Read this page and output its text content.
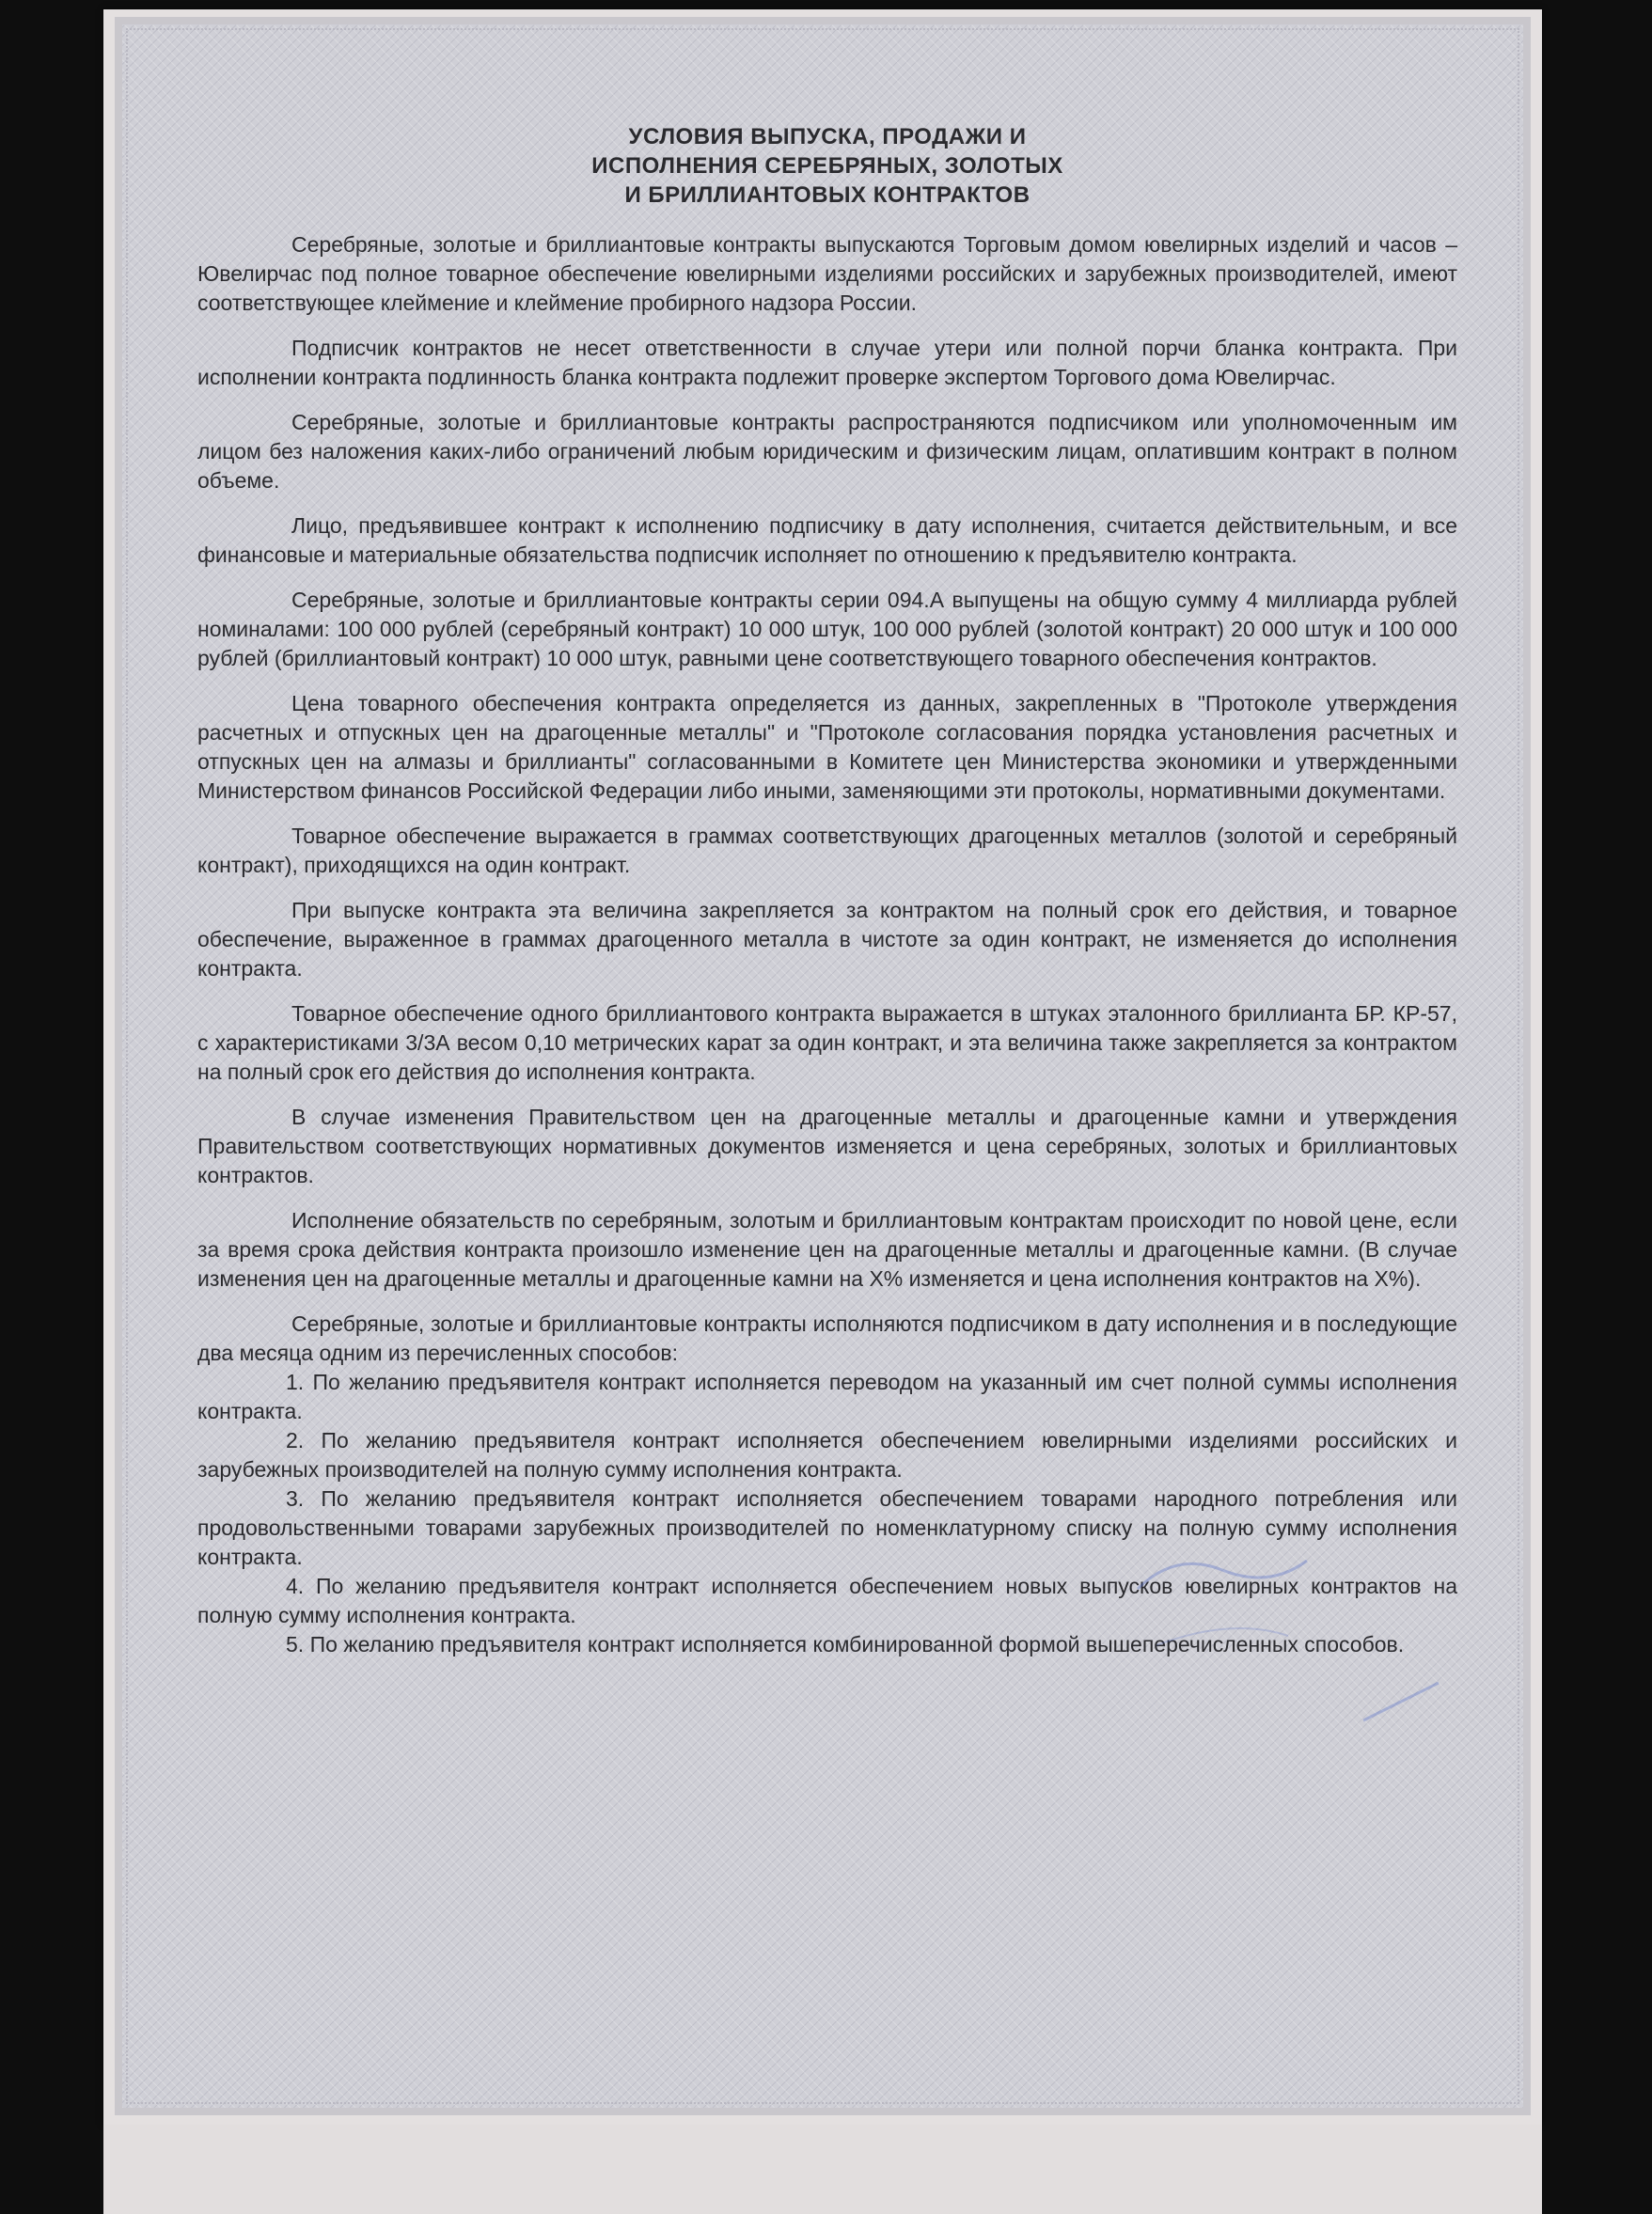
УСЛОВИЯ ВЫПУСКА, ПРОДАЖИ И
ИСПОЛНЕНИЯ СЕРЕБРЯНЫХ, ЗОЛОТЫХ
И БРИЛЛИАНТОВЫХ КОНТРАКТОВ

Серебряные, золотые и бриллиантовые контракты выпускаются Торговым домом ювелирных изделий и часов – Ювелирчас под полное товарное обеспечение ювелирными изделиями российских и зарубежных производителей, имеют соответствующее клеймение и клеймение пробирного надзора России.

Подписчик контрактов не несет ответственности в случае утери или полной порчи бланка контракта. При исполнении контракта подлинность бланка контракта подлежит проверке экспертом Торгового дома Ювелирчас.

Серебряные, золотые и бриллиантовые контракты распространяются подписчиком или уполномоченным им лицом без наложения каких-либо ограничений любым юридическим и физическим лицам, оплатившим контракт в полном объеме.

Лицо, предъявившее контракт к исполнению подписчику в дату исполнения, считается действительным, и все финансовые и материальные обязательства подписчик исполняет по отношению к предъявителю контракта.

Серебряные, золотые и бриллиантовые контракты серии 094.А выпущены на общую сумму 4 миллиарда рублей номиналами: 100 000 рублей (серебряный контракт) 10 000 штук, 100 000 рублей (золотой контракт) 20 000 штук и 100 000 рублей (бриллиантовый контракт) 10 000 штук, равными цене соответствующего товарного обеспечения контрактов.

Цена товарного обеспечения контракта определяется из данных, закрепленных в "Протоколе утверждения расчетных и отпускных цен на драгоценные металлы" и "Протоколе согласования порядка установления расчетных и отпускных цен на алмазы и бриллианты" согласованными в Комитете цен Министерства экономики и утвержденными Министерством финансов Российской Федерации либо иными, заменяющими эти протоколы, нормативными документами.

Товарное обеспечение выражается в граммах соответствующих драгоценных металлов (золотой и серебряный контракт), приходящихся на один контракт.

При выпуске контракта эта величина закрепляется за контрактом на полный срок его действия, и товарное обеспечение, выраженное в граммах драгоценного металла в чистоте за один контракт, не изменяется до исполнения контракта.

Товарное обеспечение одного бриллиантового контракта выражается в штуках эталонного бриллианта БР. КР-57, с характеристиками 3/3А весом 0,10 метрических карат за один контракт, и эта величина также закрепляется за контрактом на полный срок его действия до исполнения контракта.

В случае изменения Правительством цен на драгоценные металлы и драгоценные камни и утверждения Правительством соответствующих нормативных документов изменяется и цена серебряных, золотых и бриллиантовых контрактов.

Исполнение обязательств по серебряным, золотым и бриллиантовым контрактам происходит по новой цене, если за время срока действия контракта произошло изменение цен на драгоценные металлы и драгоценные камни. (В случае изменения цен на драгоценные металлы и драгоценные камни на Х% изменяется и цена исполнения контрактов на Х%).

Серебряные, золотые и бриллиантовые контракты исполняются подписчиком в дату исполнения и в последующие два месяца одним из перечисленных способов:

1. По желанию предъявителя контракт исполняется переводом на указанный им счет полной суммы исполнения контракта.

2. По желанию предъявителя контракт исполняется обеспечением ювелирными изделиями российских и зарубежных производителей на полную сумму исполнения контракта.

3. По желанию предъявителя контракт исполняется обеспечением товарами народного потребления или продовольственными товарами зарубежных производителей по номенклатурному списку на полную сумму исполнения контракта.

4. По желанию предъявителя контракт исполняется обеспечением новых выпусков ювелирных контрактов на полную сумму исполнения контракта.

5. По желанию предъявителя контракт исполняется комбинированной формой вышеперечисленных способов.
